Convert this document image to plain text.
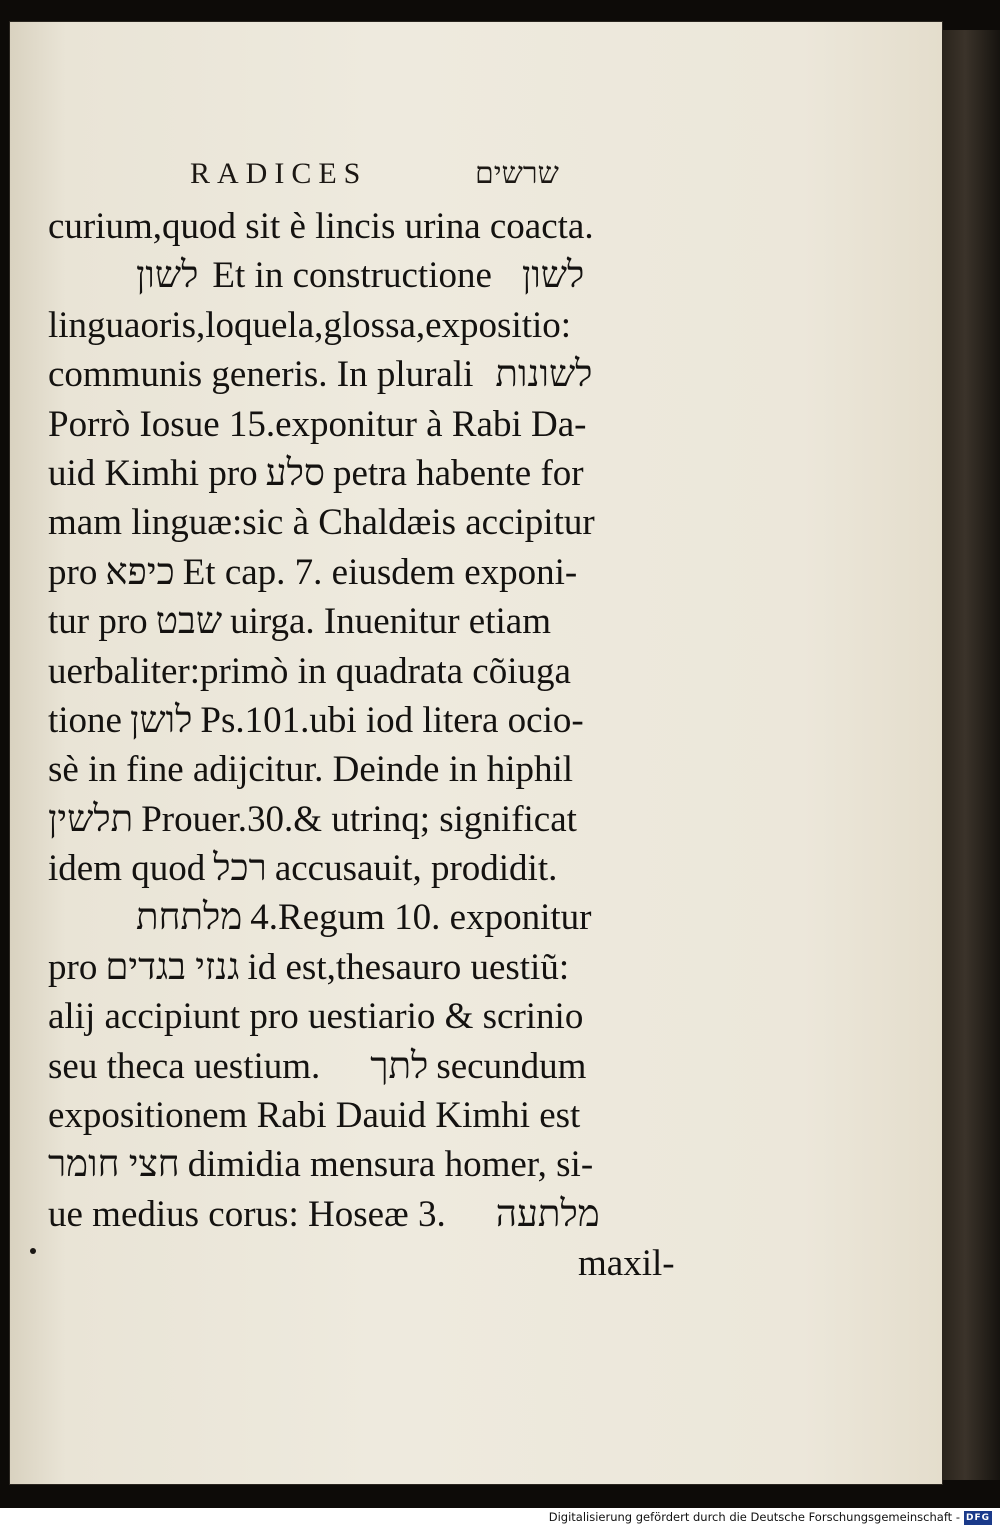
RADICES	שרשים
curium,quod sit è lincis urina coacta.
לשון Et in constructione לשון
linguaoris,loquela,glossa,expositio:
communis generis. In plurali לשונות
Porrò Iosue 15.exponitur à Rabi Da-
uid Kimhi pro סלע petra habente for
mam linguæ:sic à Chaldæis accipitur
pro כיפא Et cap. 7. eiusdem exponi-
tur pro שבט uirga. Inuenitur etiam
uerbaliter:primò in quadrata cõiuga
tione לושן Ps.101.ubi iod litera ocio-
sè in fine adijcitur. Deinde in hiphil
תלשין Prouer.30.& utrinq; significat
idem quod רכל accusauit, prodidit.
מלתחת 4.Regum 10. exponitur
pro גנזי בגדים id est,thesauro uestiũ:
alij accipiunt pro uestiario & scrinio
seu theca uestium. לתך secundum
expositionem Rabi Dauid Kimhi est
חצי חומר dimidia mensura homer, si-
ue medius corus: Hoseæ 3. מלתעה
maxil-
Digitalisierung gefördert durch die Deutsche Forschungsgemeinschaft - DFG
